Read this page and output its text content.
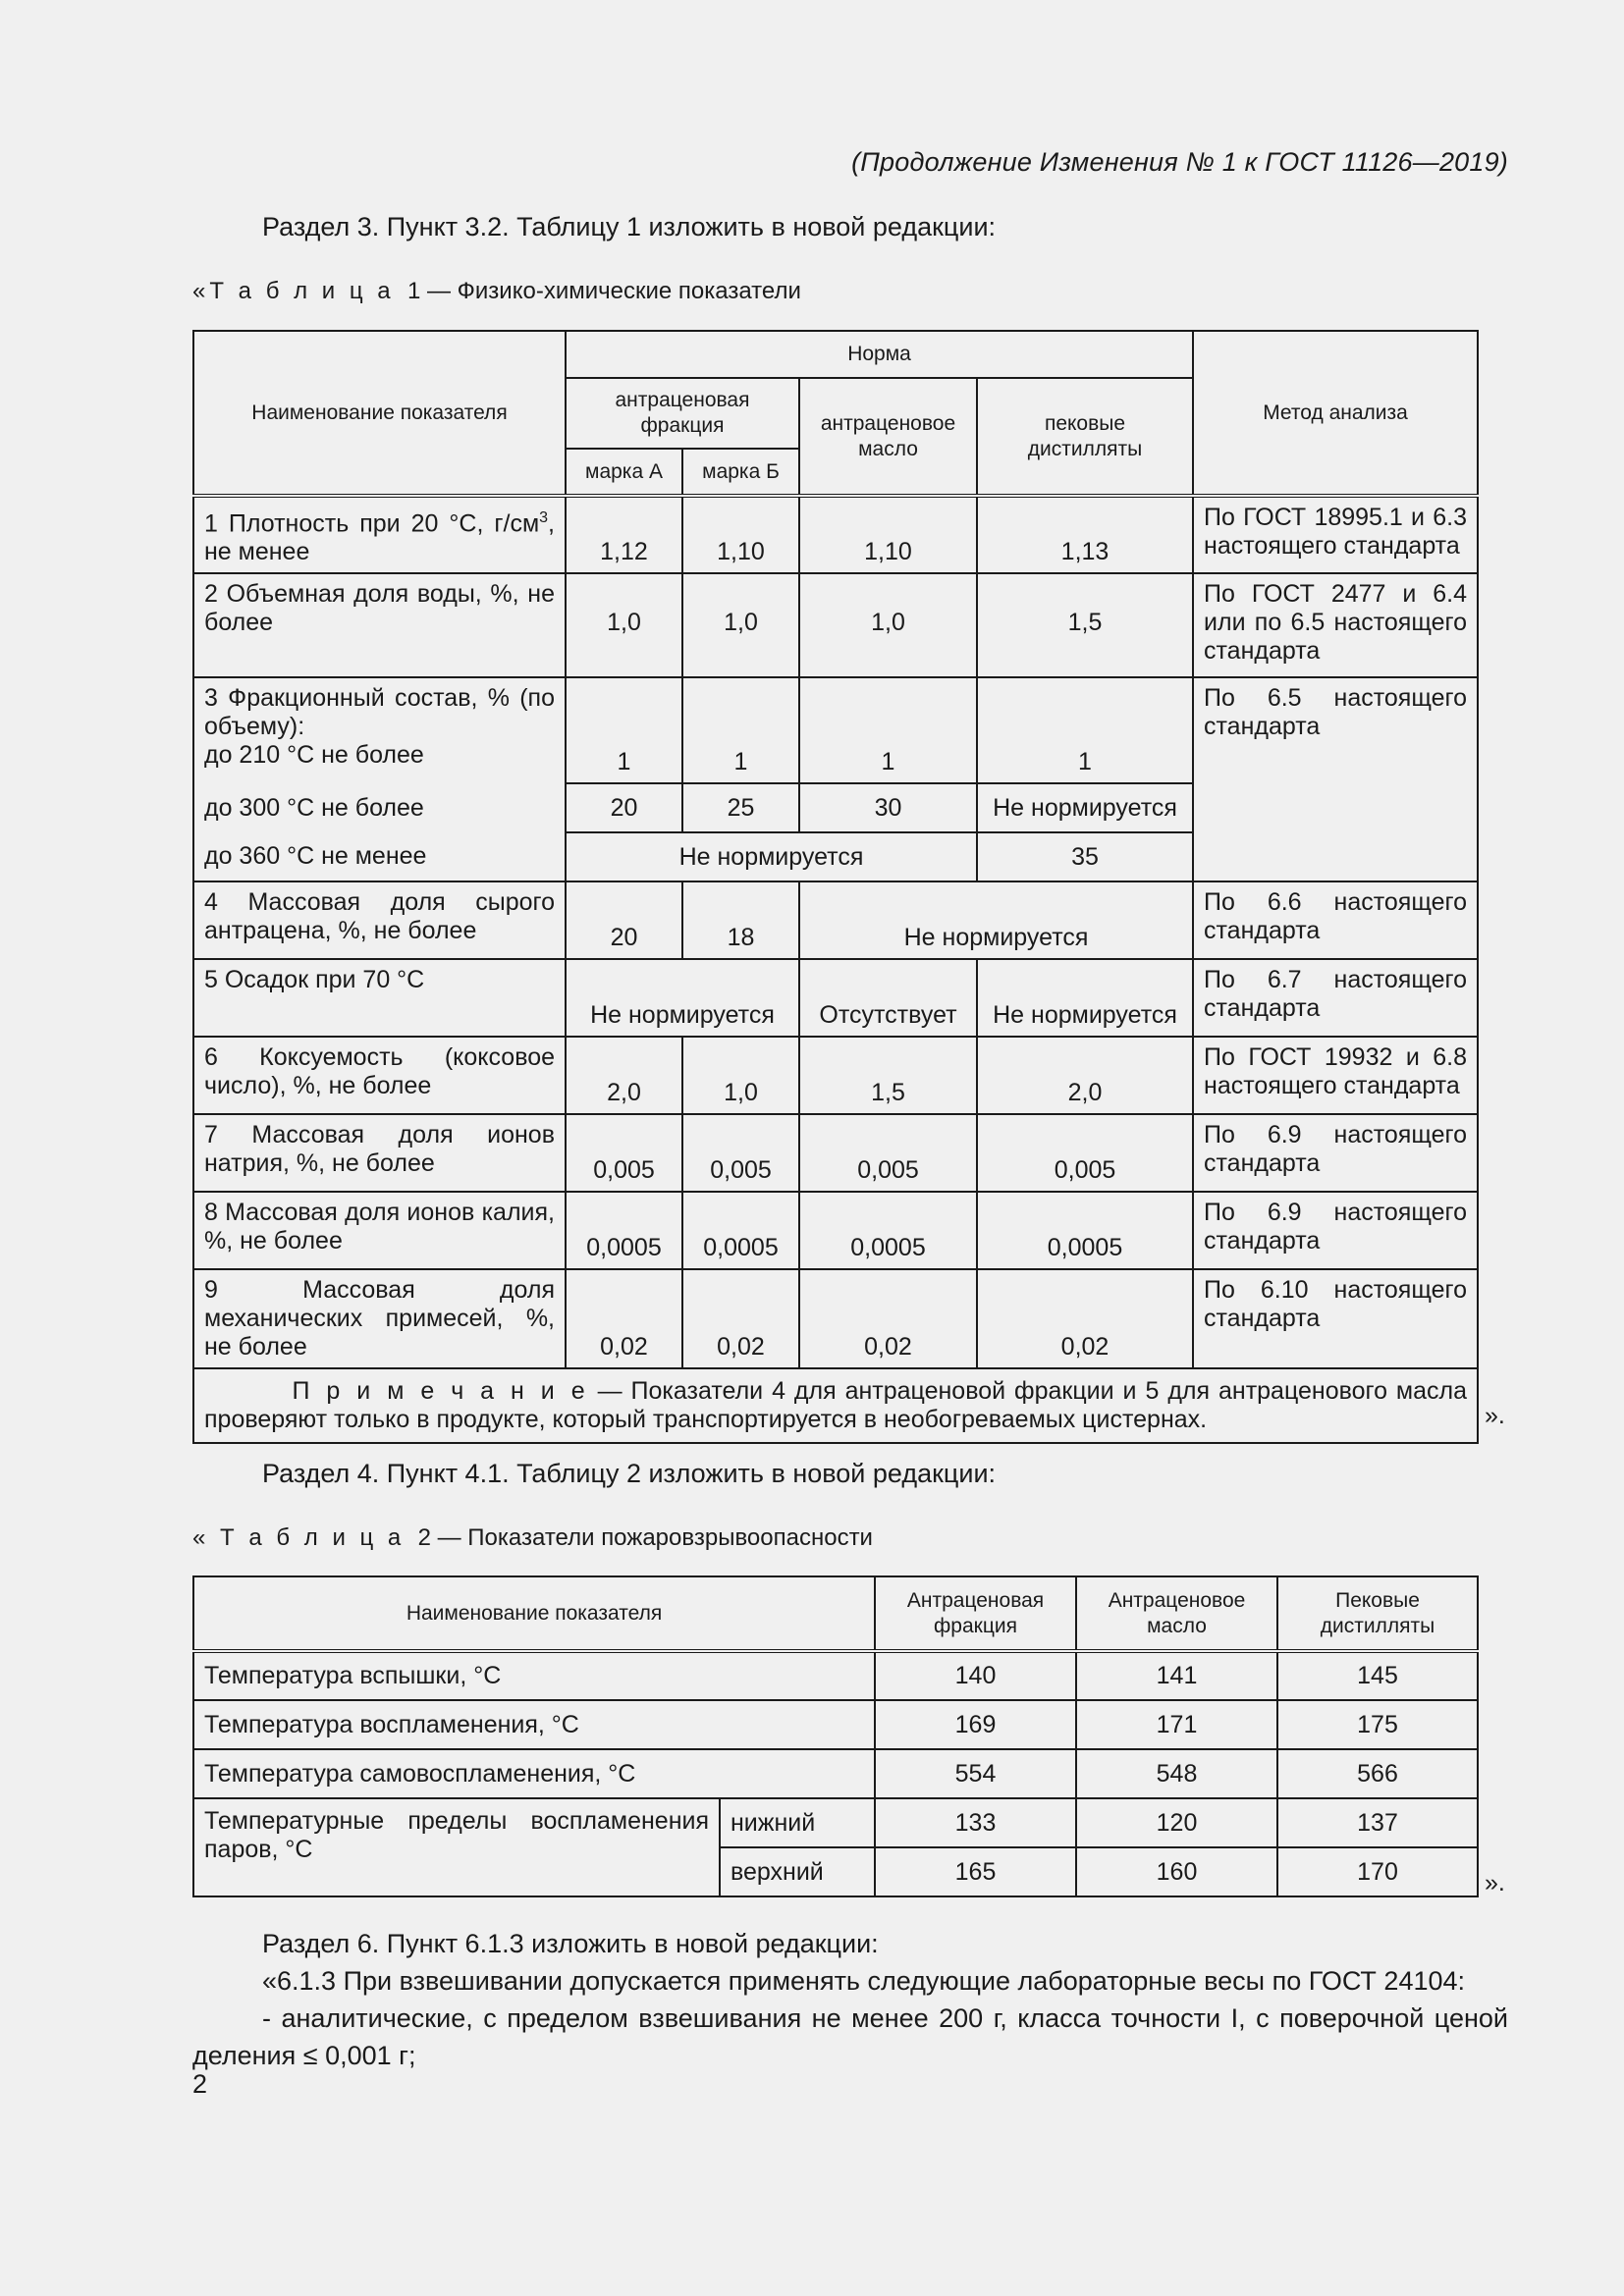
(Продолжение Изменения № 1 к ГОСТ 11126—2019)

Раздел 3. Пункт 3.2. Таблицу 1 изложить в новой редакции:

«Т а б л и ц а 1 — Физико-химические показатели
Наименование показателя	Норма				Метод анализа
	антраценовая фракция		антраценовое масло	пековые дистилляты	
	марка А	марка Б			
1 Плотность при 20 °С, $г/см^3$, не менее	1,12	1,10	1,10	1,13	По ГОСТ 18995.1 и 6.3 настоящего стандарта
2 Объемная доля воды, %, не более	1,0	1,0	1,0	1,5	По ГОСТ 2477 и 6.4 или по 6.5 настоящего стандарта

3 Фракционный состав, % (по объему):
до 210 °С не более	1	1	1	1	По 6.5 настоящего стандарта
до 300 °С не более	20	25	30	Не нормируется	
до 360 °С не менее	Не нормируется			35	
4 Массовая доля сырого антрацена, %, не более	20	18	Не нормируется		По 6.6 настоящего стандарта
5 Осадок при 70 °С	Не нормируется		Отсутствует	Не нормируется	По 6.7 настоящего стандарта
6 Коксуемость (коксовое число), %, не более	2,0	1,0	1,5	2,0	По ГОСТ 19932 и 6.8 настоящего стандарта
7 Массовая доля ионов натрия, %, не более	0,005	0,005	0,005	0,005	По 6.9 настоящего стандарта
8 Массовая доля ионов калия, %, не более	0,0005	0,0005	0,0005	0,0005	По 6.9 настоящего стандарта
9 Массовая доля механических примесей, %, не более	0,02	0,02	0,02	0,02	По 6.10 настоящего стандарта
П р и м е ч а н и е — Показатели 4 для антраценовой фракции и 5 для антраценового масла проверяют только в продукте, который транспортируется в необогреваемых цистернах.						».

Раздел 4. Пункт 4.1. Таблицу 2 изложить в новой редакции:

« Т а б л и ц а 2 — Показатели пожаровзрывоопасности
Наименование показателя		Антраценовая фракция	Антраценовое масло	Пековые дистилляты
Температура вспышки, °С		140	141	145
Температура воспламенения, °С		169	171	175
Температура самовоспламенения, °С		554	548	566
Температурные пределы воспламенения паров, °С	нижний	133	120	137
	верхний	165	160	170	».

Раздел 6. Пункт 6.1.3 изложить в новой редакции:

«6.1.3 При взвешивании допускается применять следующие лабораторные весы по ГОСТ 24104:

- аналитические, с пределом взвешивания не менее 200 г, класса точности I, с поверочной ценой деления ≤ 0,001 г;

2
